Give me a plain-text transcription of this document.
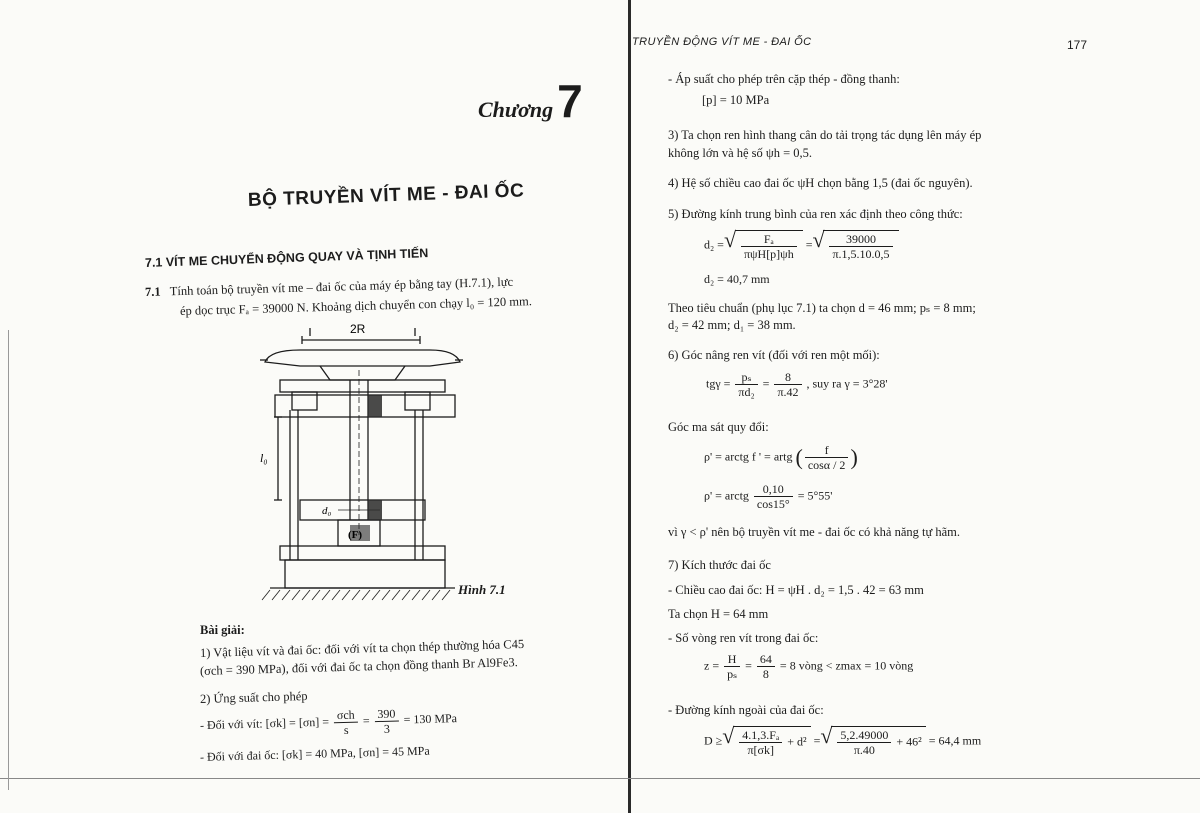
Chương 7
BỘ TRUYỀN VÍT ME - ĐAI ỐC
7.1 VÍT ME CHUYỂN ĐỘNG QUAY VÀ TỊNH TIẾN
7.1 Tính toán bộ truyền vít me – đai ốc của máy ép bằng tay (H.7.1), lực
ép dọc trục Fₐ = 39000 N. Khoảng dịch chuyển con chạy l₀ = 120 mm.
2R
l₀
d₀
(F)
Hình 7.1
Bài giải:
1) Vật liệu vít và đai ốc: đối với vít ta chọn thép thường hóa C45
(σch = 390 MPa), đối với đai ốc ta chọn đồng thanh Br Al9Fe3.
2) Ứng suất cho phép
- Đối với vít: $[\sigma k] = [\sigma n] = \frac{\text{σch}}{s} = \frac{390}{3} = 130$ MPa
- Đối với đai ốc: [σk] = 40 MPa, [σn] = 45 MPa
TRUYỀN ĐỘNG VÍT ME - ĐAI ỐC	177
- Áp suất cho phép trên cặp thép - đồng thanh:
[p] = 10 MPa
3) Ta chọn ren hình thang cân do tải trọng tác dụng lên máy ép
không lớn và hệ số ψh = 0,5.
4) Hệ số chiều cao đai ốc ψH chọn bằng 1,5 (đai ốc nguyên).
5) Đường kính trung bình của ren xác định theo công thức:
d₂ = √ $\frac{\text{Fₐ}}{\text{πψH[p]ψh}}$ = √ $\frac{39000}{\pi.1,5.10.0,5}$
d₂ = 40,7 mm
Theo tiêu chuẩn (phụ lục 7.1) ta chọn d = 46 mm; pₛ = 8 mm;
d₂ = 42 mm; d₁ = 38 mm.
6) Góc nâng ren vít (đối với ren một mối):
$tg\gamma = \frac{\text{pₛ}}{\text{πd₂}} = \frac{8}{\pi.42}$ , suy ra γ = 3°28'
Góc ma sát quy đổi:
ρ' = arctg f ' = artg ( $\frac{f}{\cos\alpha / 2}$ )
ρ' = arctg $\frac{0,10}{\cos 15^\circ} = 5^\circ 55'$
vì γ < ρ' nên bộ truyền vít me - đai ốc có khả năng tự hãm.
7) Kích thước đai ốc
- Chiều cao đai ốc: H = ψH . d₂ = 1,5 . 42 = 63 mm
Ta chọn H = 64 mm
- Số vòng ren vít trong đai ốc:
$z = \frac{H}{\text{pₛ}} = \frac{64}{8} = 8$ vòng < zmax = 10 vòng
- Đường kính ngoài của đai ốc:
D ≥ √ $\frac{\text{4.1,3.Fₐ}}{\pi[\sigma k]} + d^2$ = √ $\frac{5,2.49000}{\pi.40} + 46^2 = 64,4$ mm
